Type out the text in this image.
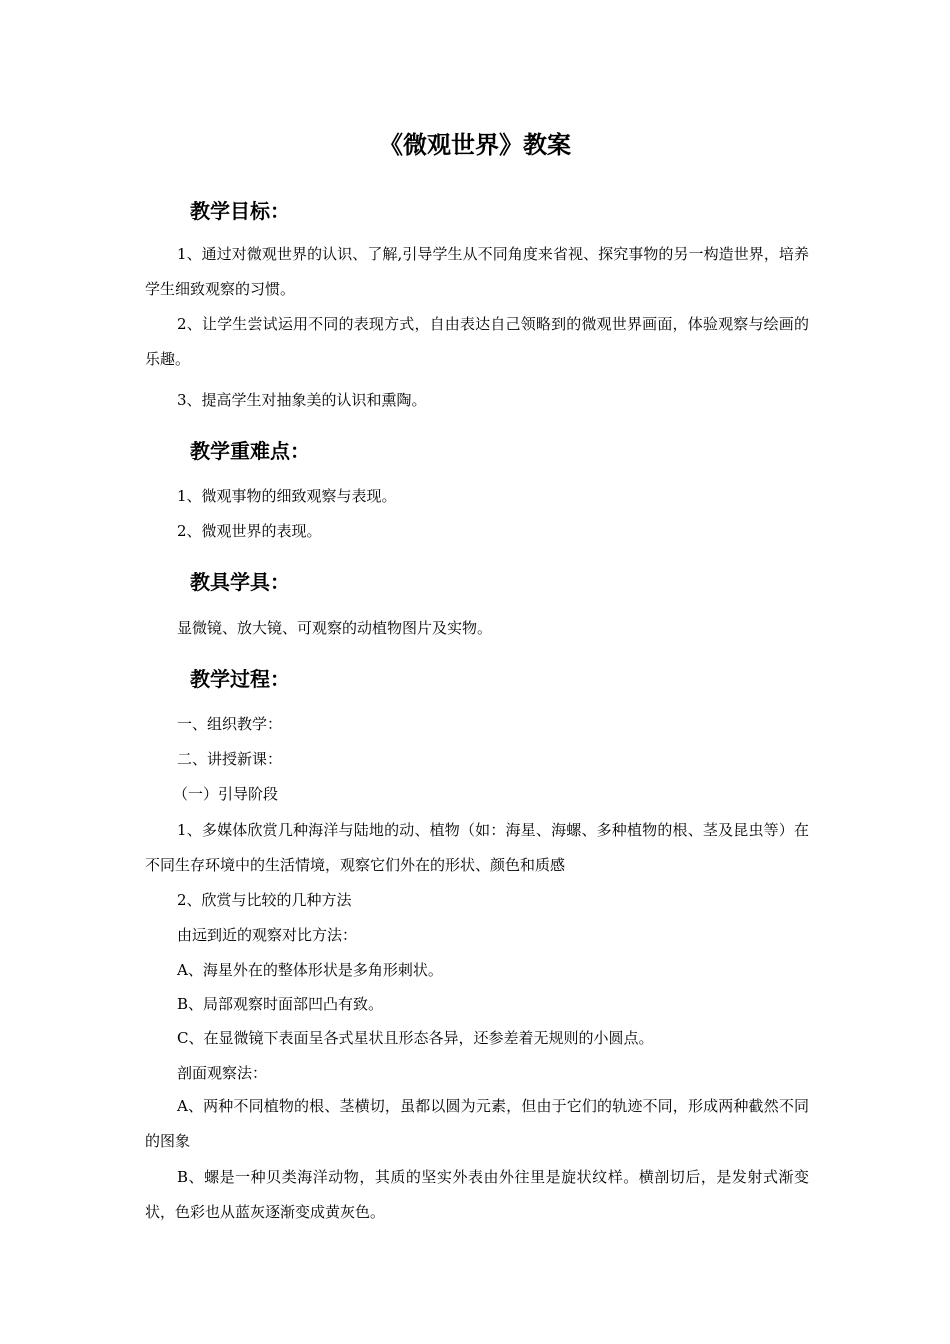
《微观世界》教案
教学目标：
1、通过对微观世界的认识、了解,引导学生从不同角度来省视、探究事物的另一构造世界，培养学生细致观察的习惯。
2、让学生尝试运用不同的表现方式，自由表达自己领略到的微观世界画面，体验观察与绘画的乐趣。
3、提高学生对抽象美的认识和熏陶。
教学重难点：
1、微观事物的细致观察与表现。
2、微观世界的表现。
教具学具：
显微镜、放大镜、可观察的动植物图片及实物。
教学过程：
一、组织教学：
二、讲授新课：
（一）引导阶段
1、多媒体欣赏几种海洋与陆地的动、植物（如：海星、海螺、多种植物的根、茎及昆虫等）在不同生存环境中的生活情境，观察它们外在的形状、颜色和质感
2、欣赏与比较的几种方法
由远到近的观察对比方法：
A、海星外在的整体形状是多角形刺状。
B、局部观察时面部凹凸有致。
C、在显微镜下表面呈各式星状且形态各异，还参差着无规则的小圆点。
剖面观察法：
A、两种不同植物的根、茎横切，虽都以圆为元素，但由于它们的轨迹不同，形成两种截然不同的图象
B、螺是一种贝类海洋动物，其质的坚实外表由外往里是旋状纹样。横剖切后，是发射式渐变状，色彩也从蓝灰逐渐变成黄灰色。
